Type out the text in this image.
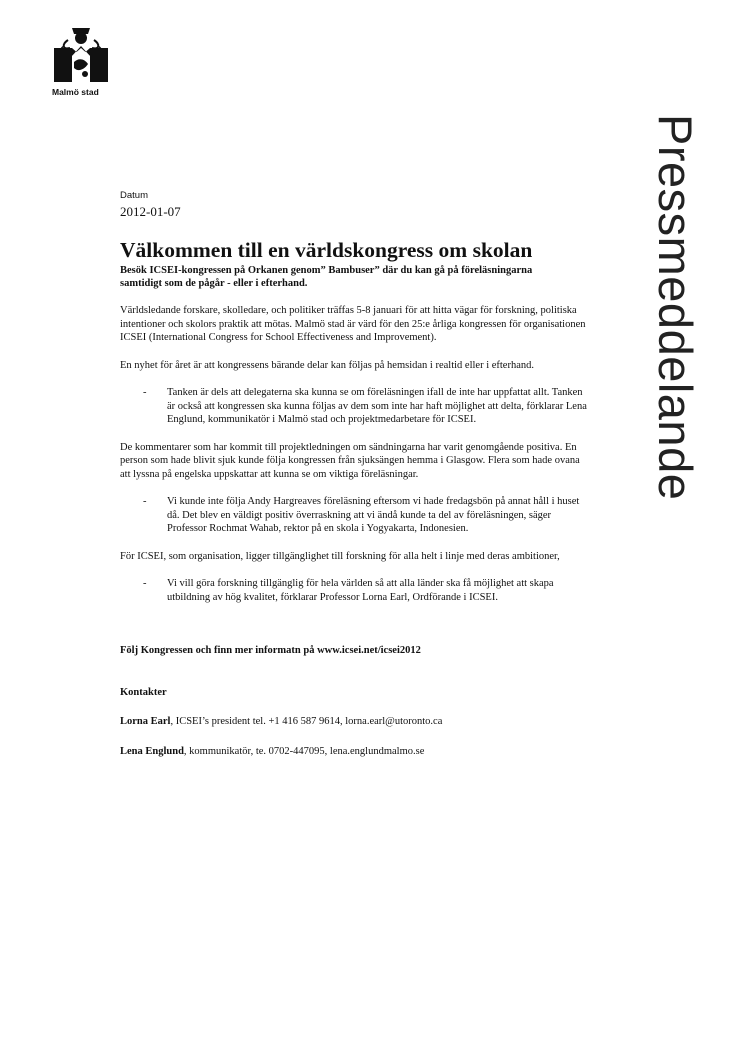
Malmö stad
Pressmeddelande
Datum
2012-01-07
Välkommen till en världskongress om skolan
Besök ICSEI-kongressen på Orkanen genom” Bambuser” där du kan gå på föreläsningarna samtidigt som de pågår - eller i efterhand.

Världsledande forskare, skolledare, och politiker träffas 5-8 januari för att hitta vägar för forskning, politiska intentioner och skolors praktik att mötas. Malmö stad är värd för den 25:e årliga kongressen för organisationen ICSEI (International Congress for School Effectiveness and Improvement).

En nyhet för året är att kongressens bärande delar kan följas på hemsidan i realtid eller i efterhand.

- Tanken är dels att delegaterna ska kunna se om föreläsningen ifall de inte har uppfattat allt. Tanken är också att kongressen ska kunna följas av dem som inte har haft möjlighet att delta, förklarar Lena Englund, kommunikatör i Malmö stad och projektmedarbetare för ICSEI.

De kommentarer som har kommit till projektledningen om sändningarna har varit genomgående positiva. En person som hade blivit sjuk kunde följa kongressen från sjuksängen hemma i Glasgow. Flera som hade ovana att lyssna på engelska uppskattar att kunna se om viktiga föreläsningar.

- Vi kunde inte följa Andy Hargreaves föreläsning eftersom vi hade fredagsbön på annat håll i huset då. Det blev en väldigt positiv överraskning att vi ändå kunde ta del av föreläsningen, säger Professor Rochmat Wahab, rektor på en skola i Yogyakarta, Indonesien.

För ICSEI, som organisation, ligger tillgänglighet till forskning för alla helt i linje med deras ambitioner,

- Vi vill göra forskning tillgänglig för hela världen så att alla länder ska få möjlighet att skapa utbildning av hög kvalitet, förklarar Professor Lorna Earl, Ordförande i ICSEI.
Följ Kongressen och finn mer informatn på www.icsei.net/icsei2012
Kontakter

Lorna Earl, ICSEI’s president tel. +1 416 587 9614, lorna.earl@utoronto.ca

Lena Englund, kommunikatör, te. 0702-447095, lena.englundmalmo.se
